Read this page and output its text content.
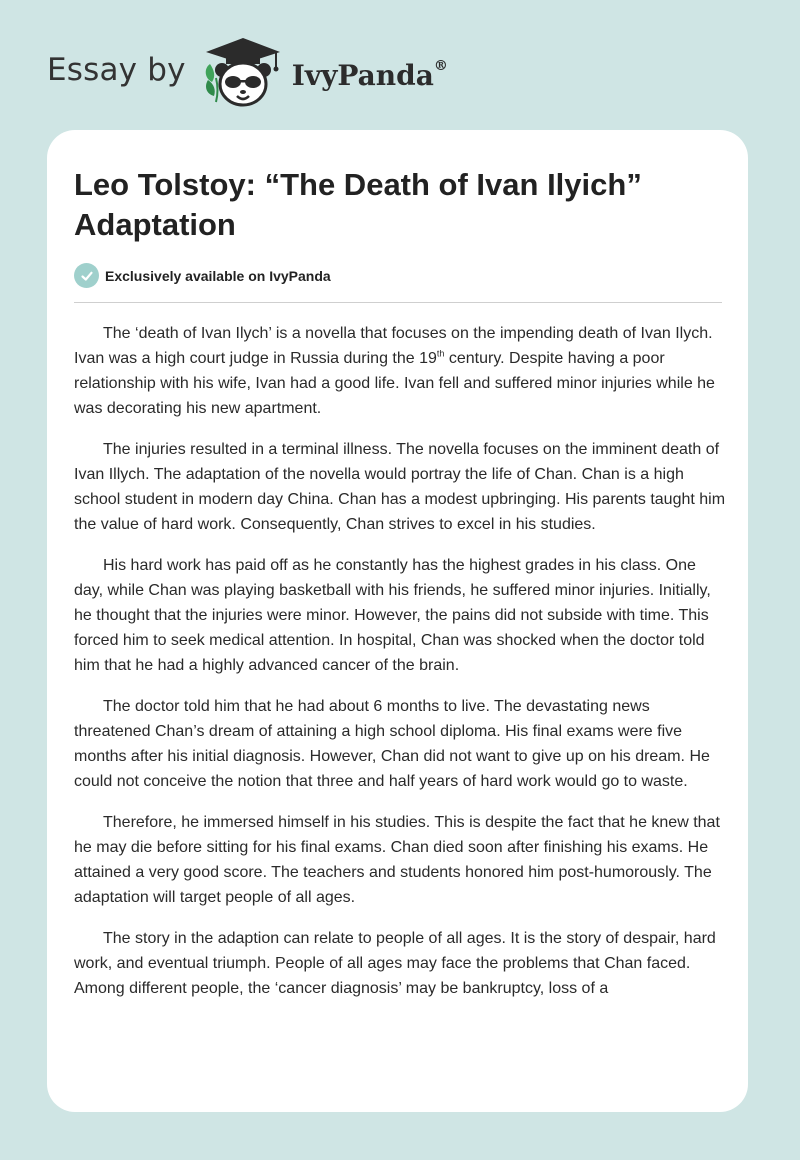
Essay by	IvyPanda®
Leo Tolstoy: “The Death of Ivan Ilyich” Adaptation
Exclusively available on IvyPanda

The ‘death of Ivan Ilych’ is a novella that focuses on the impending death of Ivan Ilych. Ivan was a high court judge in Russia during the 19th century. Despite having a poor relationship with his wife, Ivan had a good life. Ivan fell and suffered minor injuries while he was decorating his new apartment.

The injuries resulted in a terminal illness. The novella focuses on the imminent death of Ivan Illych. The adaptation of the novella would portray the life of Chan. Chan is a high school student in modern day China. Chan has a modest upbringing. His parents taught him the value of hard work. Consequently, Chan strives to excel in his studies.

His hard work has paid off as he constantly has the highest grades in his class. One day, while Chan was playing basketball with his friends, he suffered minor injuries. Initially, he thought that the injuries were minor. However, the pains did not subside with time. This forced him to seek medical attention. In hospital, Chan was shocked when the doctor told him that he had a highly advanced cancer of the brain.

The doctor told him that he had about 6 months to live. The devastating news threatened Chan’s dream of attaining a high school diploma. His final exams were five months after his initial diagnosis. However, Chan did not want to give up on his dream. He could not conceive the notion that three and half years of hard work would go to waste.

Therefore, he immersed himself in his studies. This is despite the fact that he knew that he may die before sitting for his final exams. Chan died soon after finishing his exams. He attained a very good score. The teachers and students honored him post-humorously. The adaptation will target people of all ages.

The story in the adaption can relate to people of all ages. It is the story of despair, hard work, and eventual triumph. People of all ages may face the problems that Chan faced. Among different people, the ‘cancer diagnosis’ may be bankruptcy, loss of a
